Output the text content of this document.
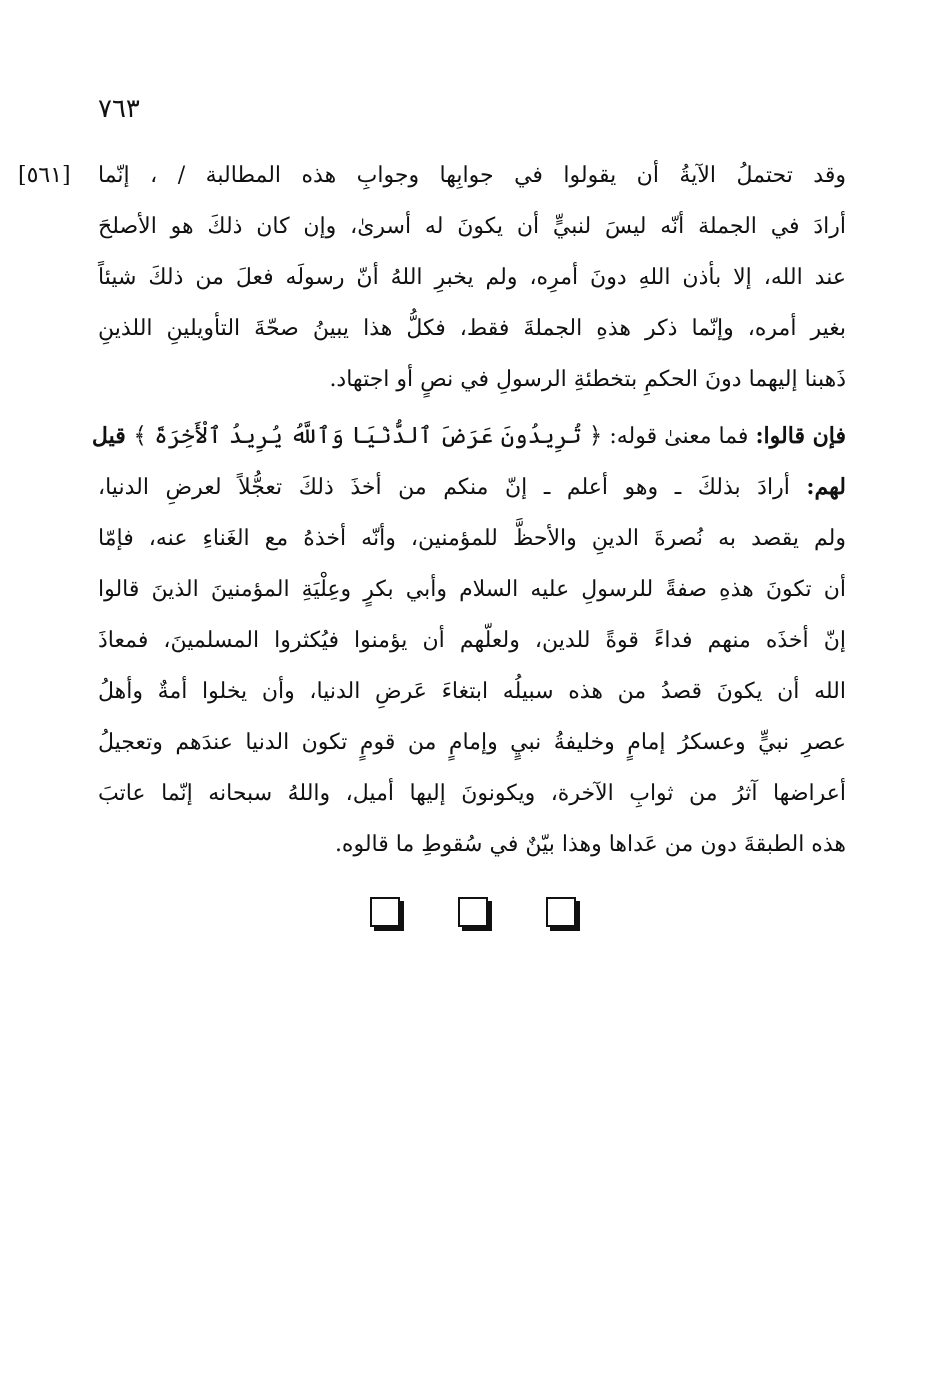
٧٦٣
[٥٦١] وقد تحتملُ الآيةُ أن يقولوا في جوابِها وجوابِ هذه المطالبة / ، إنّما
أرادَ في الجملة أنّه ليسَ لنبيٍّ أن يكونَ له أسرىٰ، وإن كان ذلكَ هو الأصلحَ
عند الله، إلا بأذن اللهِ دونَ أمرِه، ولم يخبرِ اللهُ أنّ رسولَه فعلَ من ذلكَ شيئاً
بغير أمره، وإنّما ذكر هذهِ الجملةَ فقط، فكلُّ هذا يبينُ صحّةَ التأويلينِ اللذينِ
ذَهبنا إليهما دونَ الحكمِ بتخطئةِ الرسولِ في نصٍ أو اجتهاد.
فإن قالوا: فما معنىٰ قوله: ﴿ تُرِيدُونَ عَرَضَ ٱلدُّنْيَا وَٱللَّهُ يُرِيدُ ٱلْأَخِرَةَ ﴾ قيل
لهم: أرادَ بذلكَ ـ وهو أعلم ـ إنّ منكم من أخذَ ذلكَ تعجُّلاً لعرضِ الدنيا،
ولم يقصد به نُصرةَ الدينِ والأحظَّ للمؤمنين، وأنّه أخذهُ مع الغَناءِ عنه، فإمّا
أن تكونَ هذهِ صفةً للرسولِ عليه السلام وأبي بكرٍ وعِلْيَةِ المؤمنينَ الذينَ قالوا
إنّ أخذَه منهم فداءً قوةً للدين، ولعلّهم أن يؤمنوا فيُكثروا المسلمينَ، فمعاذَ
الله أن يكونَ قصدُ من هذه سبيلُه ابتغاءَ عَرضِ الدنيا، وأن يخلوا أمةٌ وأهلُ
عصرِ نبيٍّ وعسكرُ إمامٍ وخليفةُ نبيٍ وإمامٍ من قومٍ تكون الدنيا عندَهم وتعجيلُ
أعراضها آثرُ من ثوابِ الآخرة، ويكونونَ إليها أميل، واللهُ سبحانه إنّما عاتبَ
هذه الطبقةَ دون من عَداها وهذا بيّنٌ في سُقوطِ ما قالوه.
